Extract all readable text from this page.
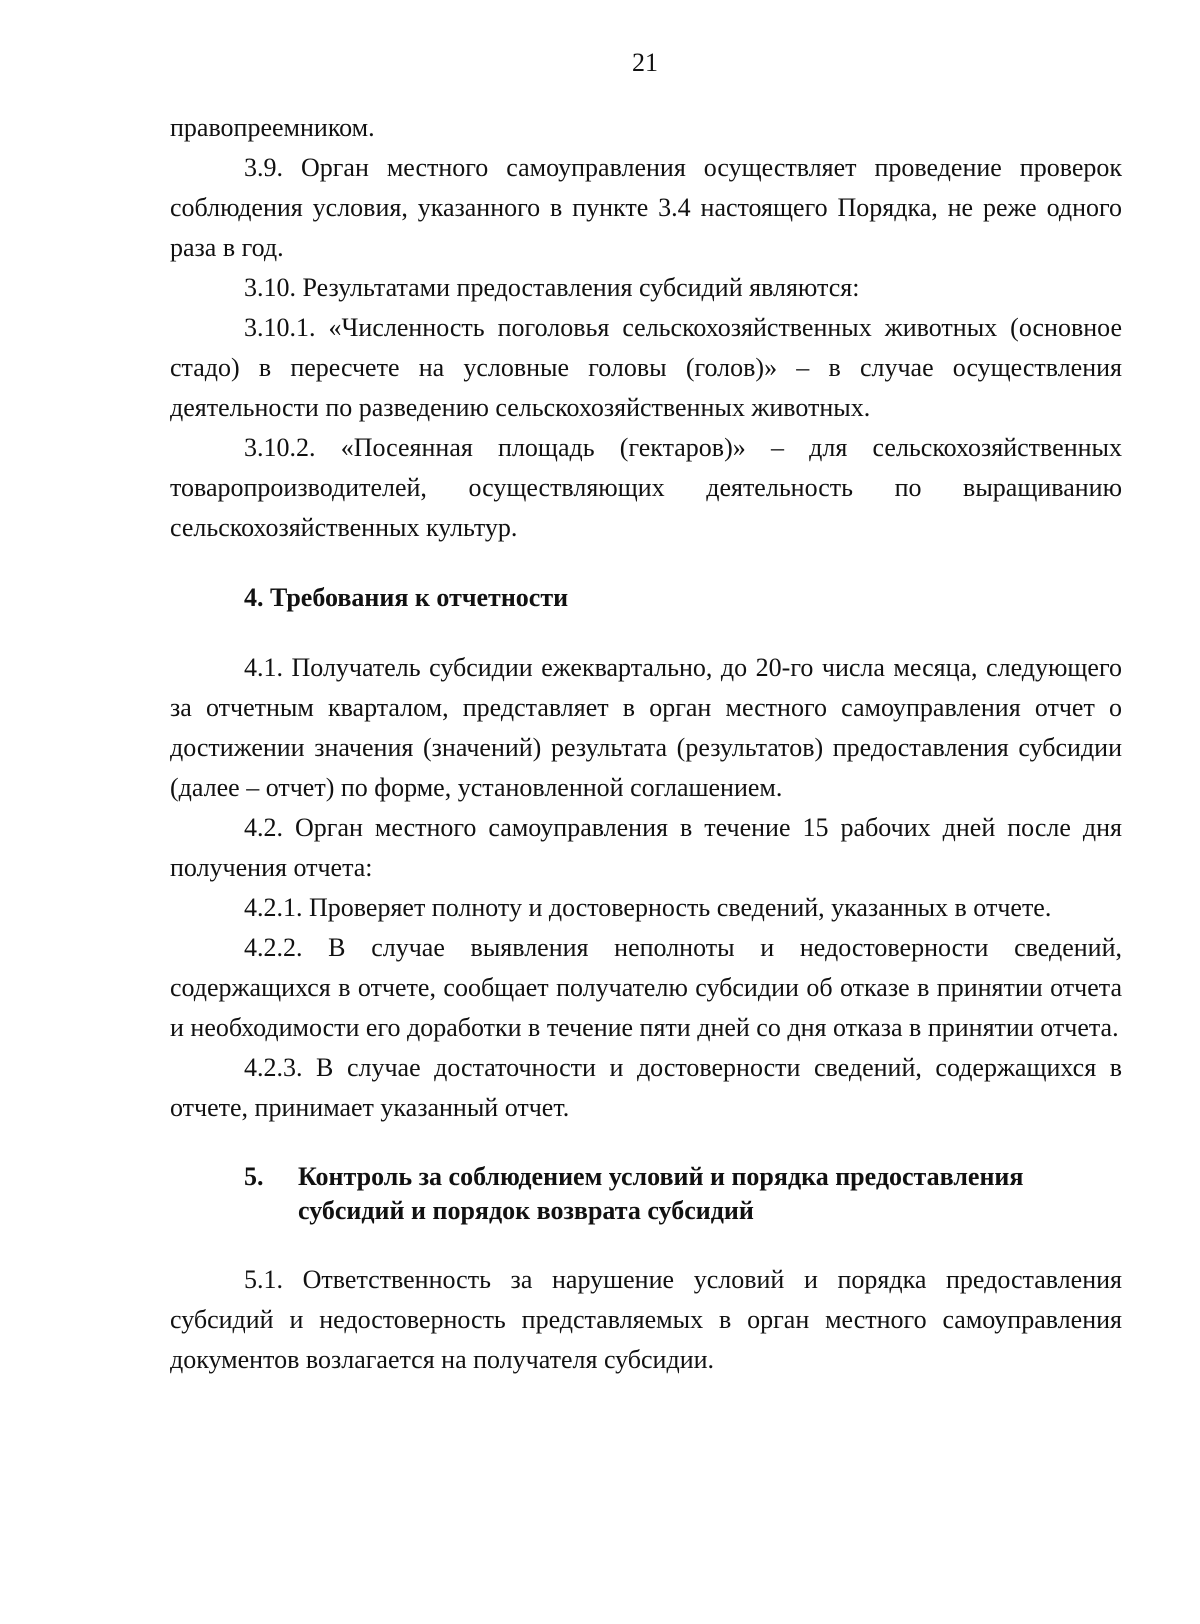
21

правопреемником.

3.9. Орган местного самоуправления осуществляет проведение проверок соблюдения условия, указанного в пункте 3.4 настоящего Порядка, не реже одного раза в год.

3.10. Результатами предоставления субсидий являются:

3.10.1. «Численность поголовья сельскохозяйственных животных (основное стадо) в пересчете на условные головы (голов)» – в случае осуществления деятельности по разведению сельскохозяйственных животных.

3.10.2. «Посеянная площадь (гектаров)» – для сельскохозяйственных товаропроизводителей, осуществляющих деятельность по выращиванию сельскохозяйственных культур.

4. Требования к отчетности

4.1. Получатель субсидии ежеквартально, до 20-го числа месяца, следующего за отчетным кварталом, представляет в орган местного самоуправления отчет о достижении значения (значений) результата (результатов) предоставления субсидии (далее – отчет) по форме, установленной соглашением.

4.2. Орган местного самоуправления в течение 15 рабочих дней после дня получения отчета:

4.2.1. Проверяет полноту и достоверность сведений, указанных в отчете.

4.2.2. В случае выявления неполноты и недостоверности сведений, содержащихся в отчете, сообщает получателю субсидии об отказе в принятии отчета и необходимости его доработки в течение пяти дней со дня отказа в принятии отчета.

4.2.3. В случае достаточности и достоверности сведений, содержащихся в отчете, принимает указанный отчет.

5.	Контроль за соблюдением условий и порядка предоставления субсидий и порядок возврата субсидий

5.1. Ответственность за нарушение условий и порядка предоставления субсидий и недостоверность представляемых в орган местного самоуправления документов возлагается на получателя субсидии.
